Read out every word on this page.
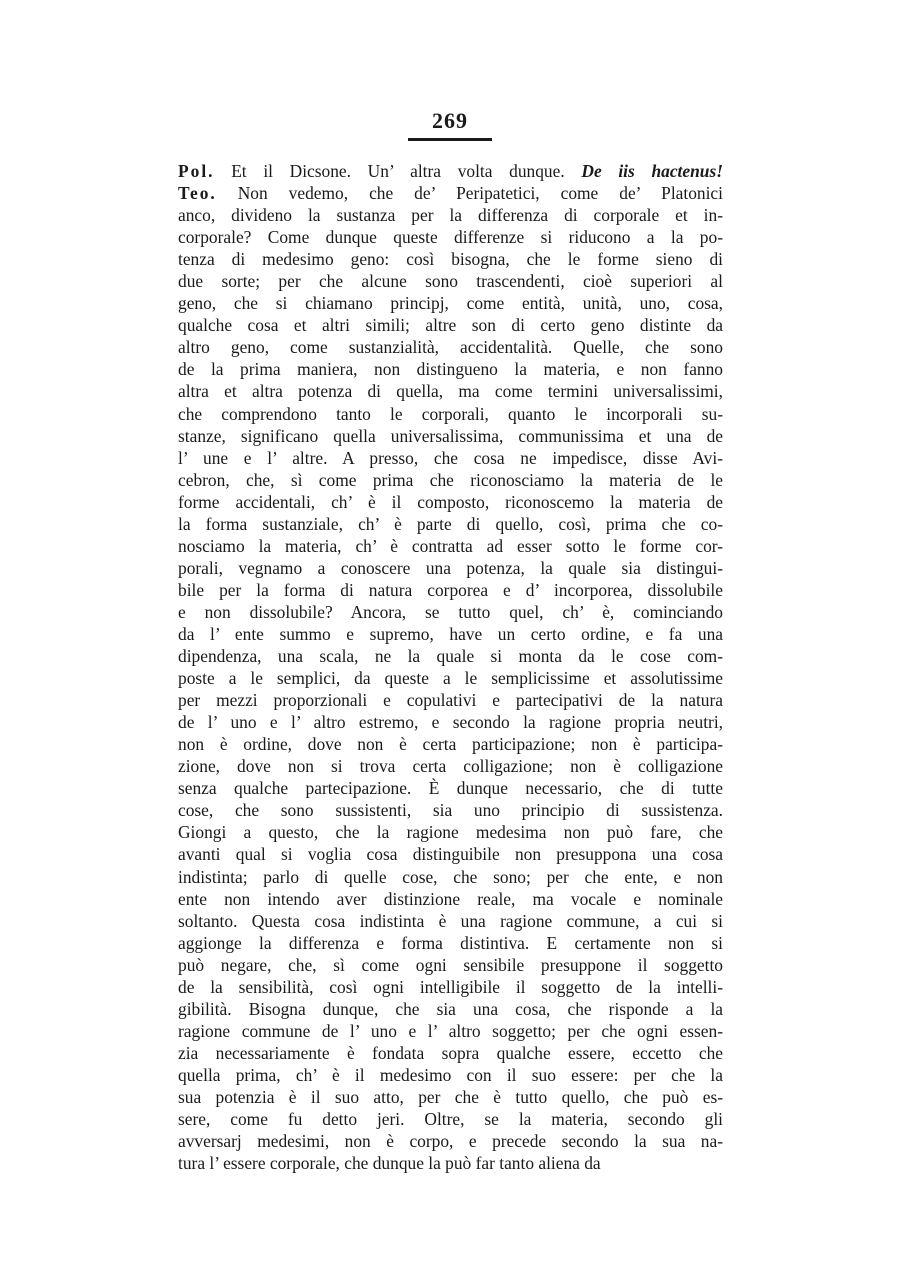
269
Pol. Et il Dicsone. Un’ altra volta dunque. De iis hactenus!
Teo. Non vedemo, che de’ Peripatetici, come de’ Platonici
anco, divideno la sustanza per la differenza di corporale et in-
corporale? Come dunque queste differenze si riducono a la po-
tenza di medesimo geno: così bisogna, che le forme sieno di
due sorte; per che alcune sono trascendenti, cioè superiori al
geno, che si chiamano principj, come entità, unità, uno, cosa,
qualche cosa et altri simili; altre son di certo geno distinte da
altro geno, come sustanzialità, accidentalità. Quelle, che sono
de la prima maniera, non distingueno la materia, e non fanno
altra et altra potenza di quella, ma come termini universalissimi,
che comprendono tanto le corporali, quanto le incorporali su-
stanze, significano quella universalissima, communissima et una de
l’ une e l’ altre. A presso, che cosa ne impedisce, disse Avi-
cebron, che, sì come prima che riconosciamo la materia de le
forme accidentali, ch’ è il composto, riconoscemo la materia de
la forma sustanziale, ch’ è parte di quello, così, prima che co-
nosciamo la materia, ch’ è contratta ad esser sotto le forme cor-
porali, vegnamo a conoscere una potenza, la quale sia distingui-
bile per la forma di natura corporea e d’ incorporea, dissolubile
e non dissolubile? Ancora, se tutto quel, ch’ è, cominciando
da l’ ente summo e supremo, have un certo ordine, e fa una
dipendenza, una scala, ne la quale si monta da le cose com-
poste a le semplici, da queste a le semplicissime et assolutissime
per mezzi proporzionali e copulativi e partecipativi de la natura
de l’ uno e l’ altro estremo, e secondo la ragione propria neutri,
non è ordine, dove non è certa participazione; non è participa-
zione, dove non si trova certa colligazione; non è colligazione
senza qualche partecipazione. È dunque necessario, che di tutte
cose, che sono sussistenti, sia uno principio di sussistenza.
Giongi a questo, che la ragione medesima non può fare, che
avanti qual si voglia cosa distinguibile non presuppona una cosa
indistinta; parlo di quelle cose, che sono; per che ente, e non
ente non intendo aver distinzione reale, ma vocale e nominale
soltanto. Questa cosa indistinta è una ragione commune, a cui si
aggionge la differenza e forma distintiva. E certamente non si
può negare, che, sì come ogni sensibile presuppone il soggetto
de la sensibilità, così ogni intelligibile il soggetto de la intelli-
gibilità. Bisogna dunque, che sia una cosa, che risponde a la
ragione commune de l’ uno e l’ altro soggetto; per che ogni essen-
zia necessariamente è fondata sopra qualche essere, eccetto che
quella prima, ch’ è il medesimo con il suo essere: per che la
sua potenzia è il suo atto, per che è tutto quello, che può es-
sere, come fu detto jeri. Oltre, se la materia, secondo gli
avversarj medesimi, non è corpo, e precede secondo la sua na-
tura l’ essere corporale, che dunque la può far tanto aliena da
